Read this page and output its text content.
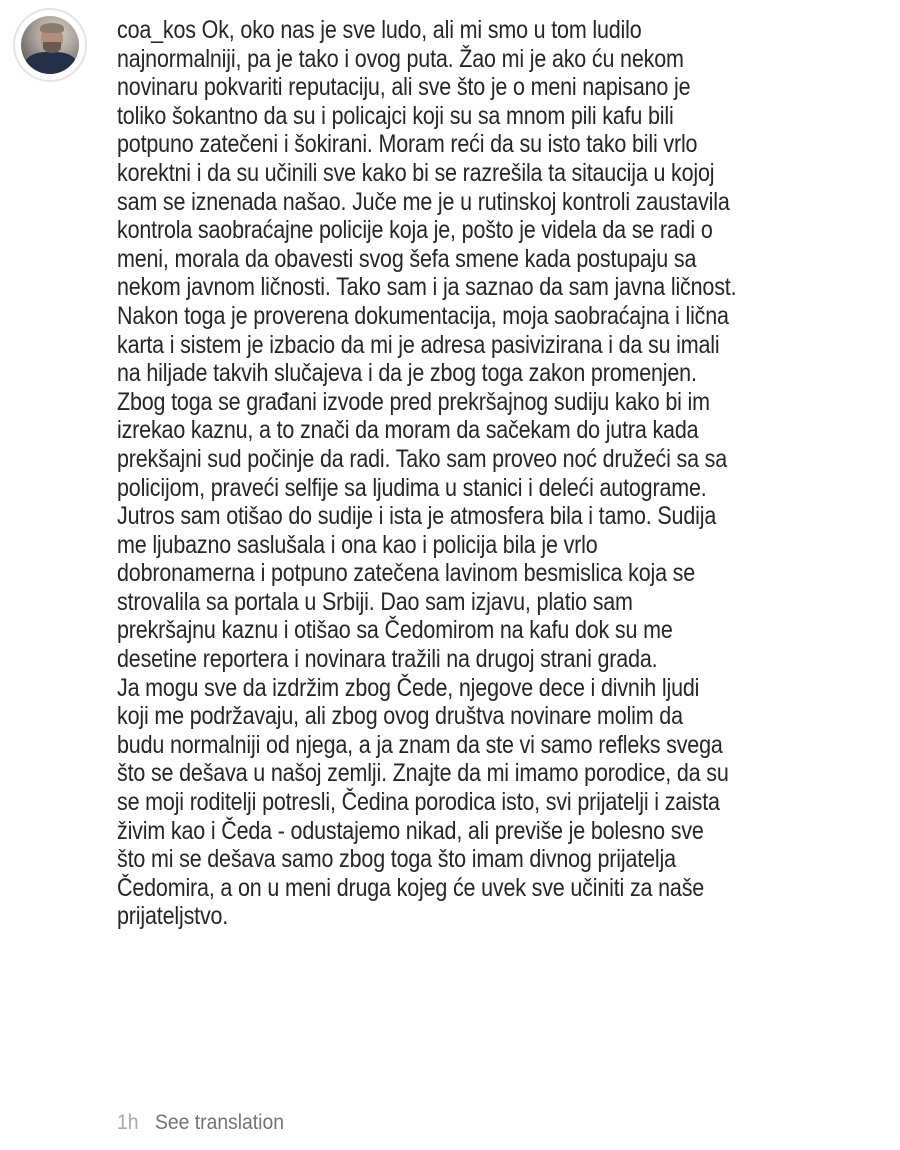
coa_kos Ok, oko nas je sve ludo, ali mi smo u tom ludilo
najnormalniji, pa je tako i ovog puta. Žao mi je ako ću nekom
novinaru pokvariti reputaciju, ali sve što je o meni napisano je
toliko šokantno da su i policajci koji su sa mnom pili kafu bili
potpuno zatečeni i šokirani. Moram reći da su isto tako bili vrlo
korektni i da su učinili sve kako bi se razrešila ta sitaucija u kojoj
sam se iznenada našao. Juče me je u rutinskoj kontroli zaustavila
kontrola saobraćajne policije koja je, pošto je videla da se radi o
meni, morala da obavesti svog šefa smene kada postupaju sa
nekom javnom ličnosti. Tako sam i ja saznao da sam javna ličnost.
Nakon toga je proverena dokumentacija, moja saobraćajna i lična
karta i sistem je izbacio da mi je adresa pasivizirana i da su imali
na hiljade takvih slučajeva i da je zbog toga zakon promenjen.
Zbog toga se građani izvode pred prekršajnog sudiju kako bi im
izrekao kaznu, a to znači da moram da sačekam do jutra kada
prekšajni sud počinje da radi. Tako sam proveo noć družeći sa sa
policijom, praveći selfije sa ljudima u stanici i deleći autograme.
Jutros sam otišao do sudije i ista je atmosfera bila i tamo. Sudija
me ljubazno saslušala i ona kao i policija bila je vrlo
dobronamerna i potpuno zatečena lavinom besmislica koja se
strovalila sa portala u Srbiji. Dao sam izjavu, platio sam
prekršajnu kaznu i otišao sa Čedomirom na kafu dok su me
desetine reportera i novinara tražili na drugoj strani grada.
Ja mogu sve da izdržim zbog Čede, njegove dece i divnih ljudi
koji me podržavaju, ali zbog ovog društva novinare molim da
budu normalniji od njega, a ja znam da ste vi samo refleks svega
što se dešava u našoj zemlji. Znajte da mi imamo porodice, da su
se moji roditelji potresli, Čedina porodica isto, svi prijatelji i zaista
živim kao i Čeda - odustajemo nikad, ali previše je bolesno sve
što mi se dešava samo zbog toga što imam divnog prijatelja
Čedomira, a on u meni druga kojeg će uvek sve učiniti za naše
prijateljstvo.
1h See translation
